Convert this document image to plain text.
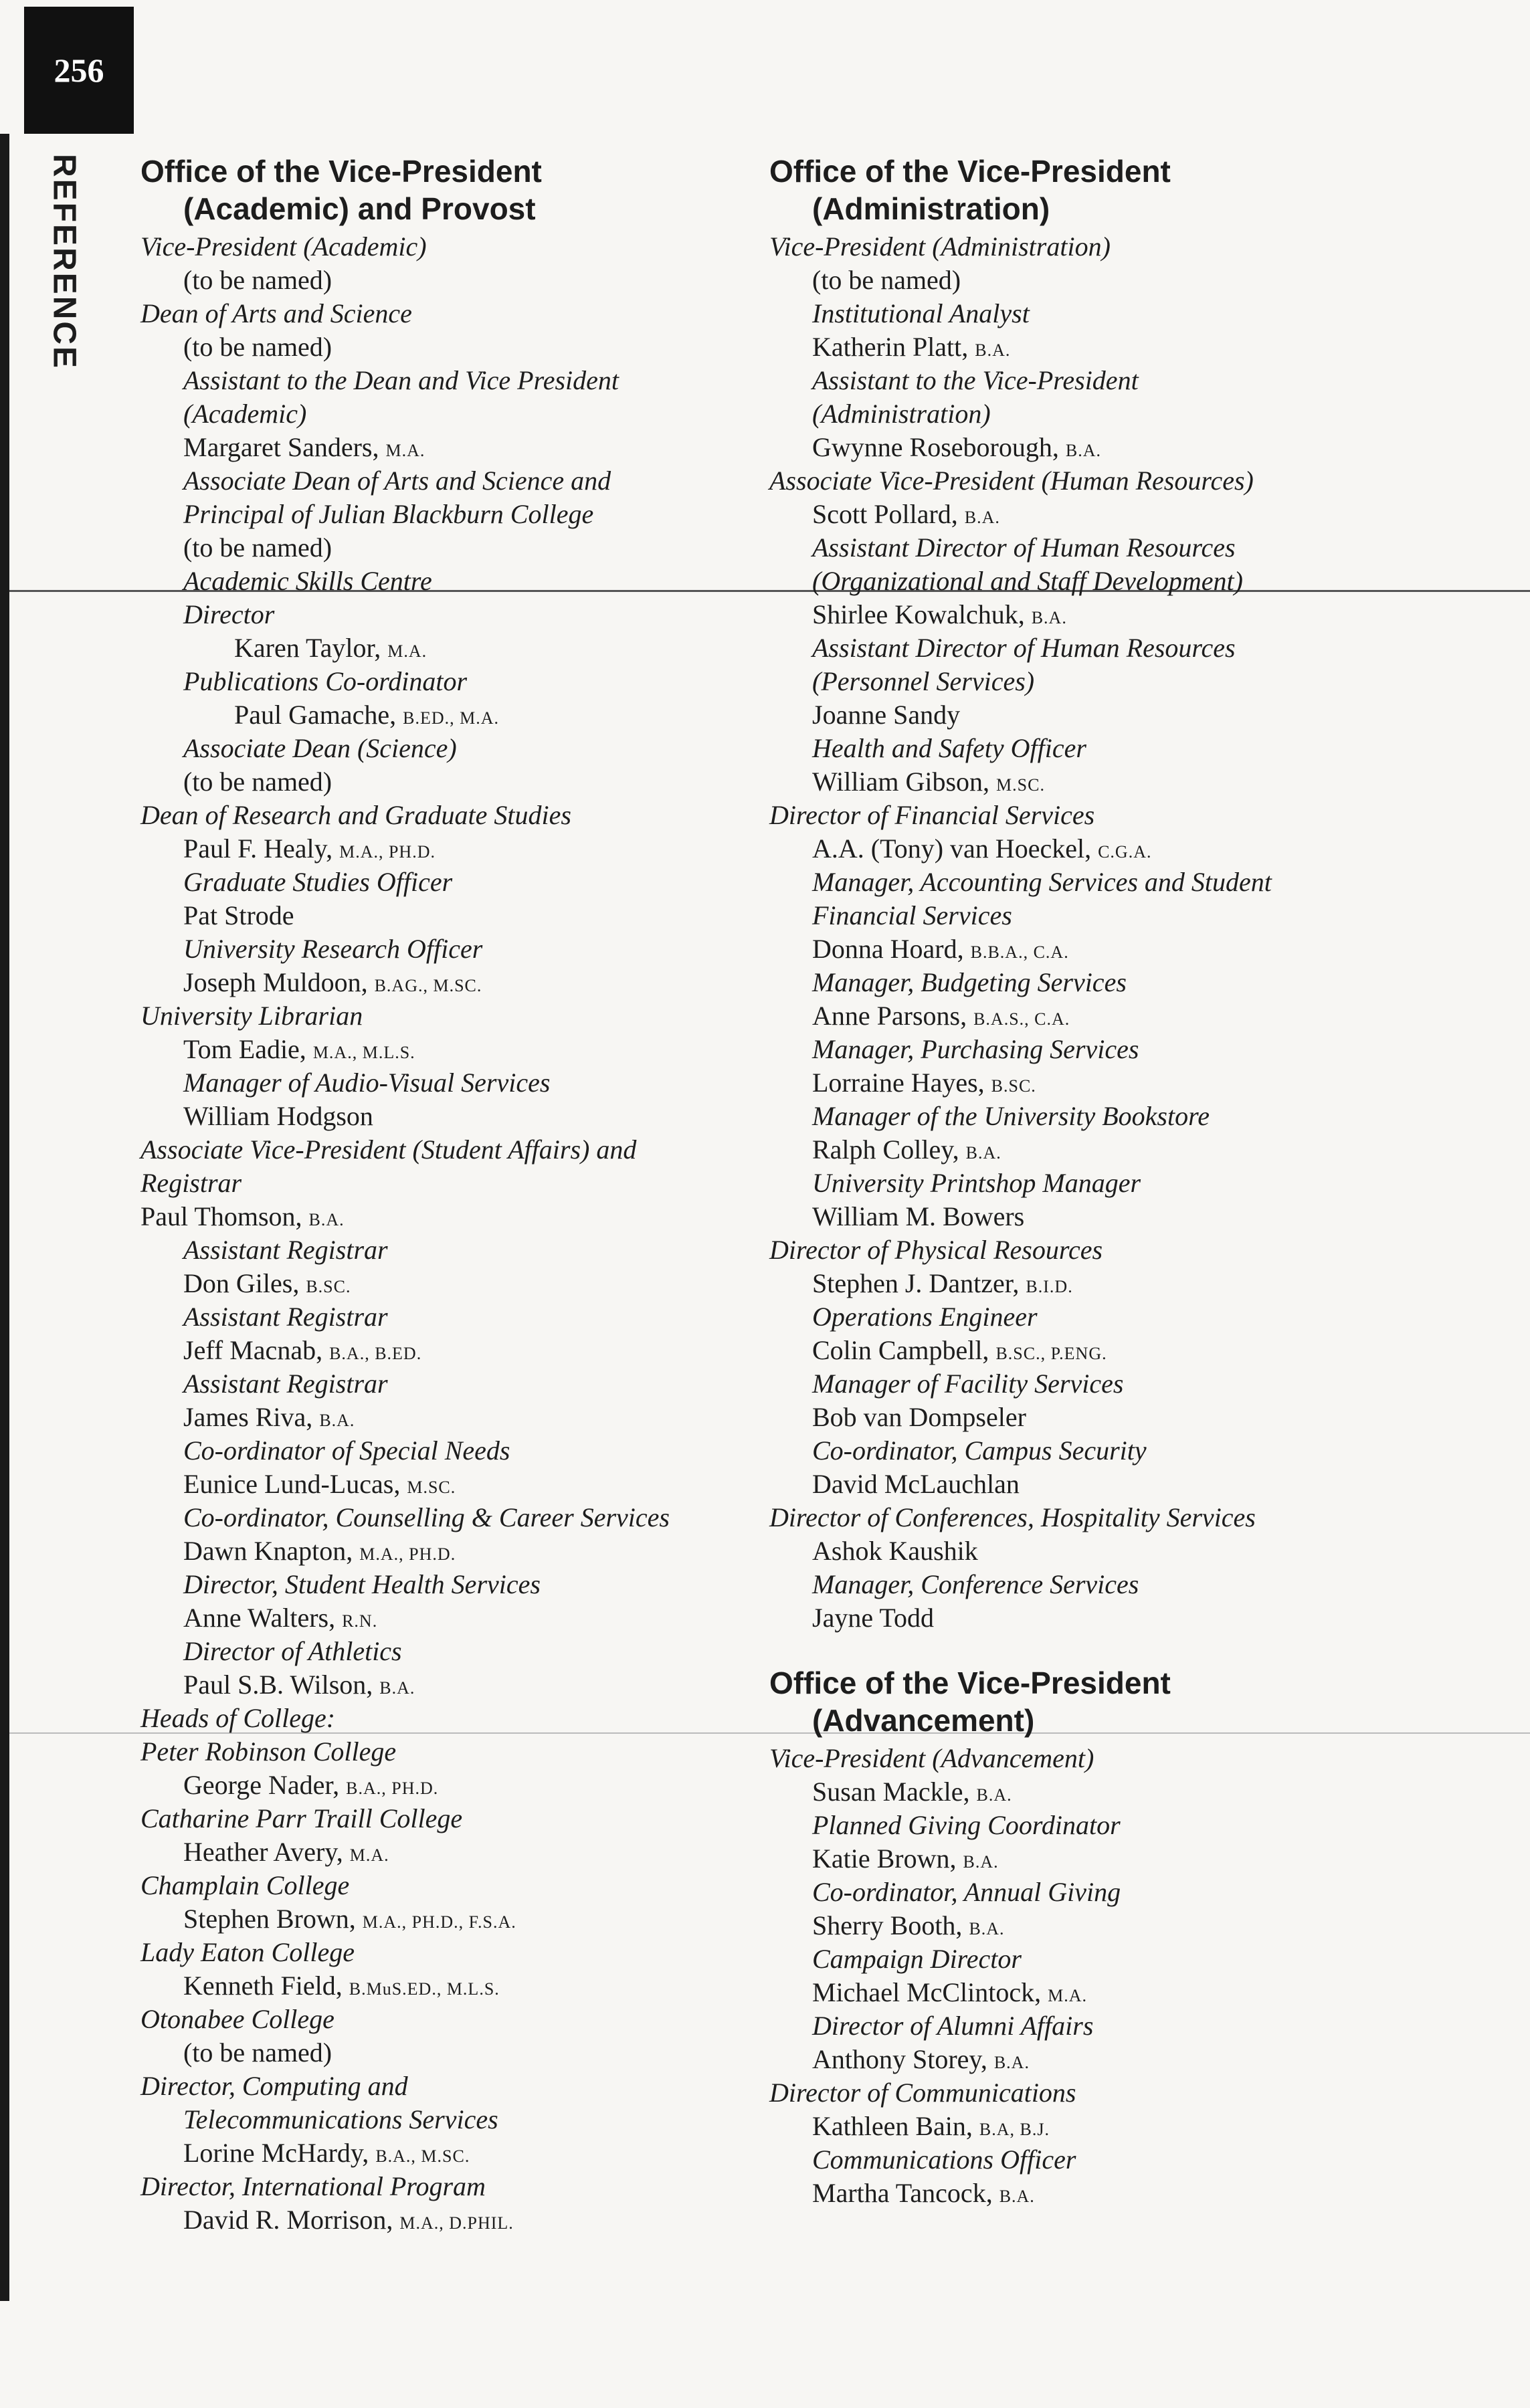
256
REFERENCE Office of the Vice-President
(Academic) and Provost
Vice-President (Academic)
(to be named)
Dean of Arts and Science
(to be named)
Assistant to the Dean and Vice President
(Academic)
Margaret Sanders, M.A.
Associate Dean of Arts and Science and
Principal of Julian Blackburn College
(to be named)
Academic Skills Centre
Director
Karen Taylor, M.A.
Publications Co-ordinator
Paul Gamache, B.ED., M.A.
Associate Dean (Science)
(to be named)
Dean of Research and Graduate Studies
Paul F. Healy, M.A., PH.D.
Graduate Studies Officer
Pat Strode
University Research Officer
Joseph Muldoon, B.AG., M.SC.
University Librarian
Tom Eadie, M.A., M.L.S.
Manager of Audio-Visual Services
William Hodgson
Associate Vice-President (Student Affairs) and
Registrar
Paul Thomson, B.A.
Assistant Registrar
Don Giles, B.SC.
Assistant Registrar
Jeff Macnab, B.A., B.ED.
Assistant Registrar
James Riva, B.A.
Co-ordinator of Special Needs
Eunice Lund-Lucas, M.SC.
Co-ordinator, Counselling & Career Services
Dawn Knapton, M.A., PH.D.
Director, Student Health Services
Anne Walters, R.N.
Director of Athletics
Paul S.B. Wilson, B.A.
Heads of College:
Peter Robinson College
George Nader, B.A., PH.D.
Catharine Parr Traill College
Heather Avery, M.A.
Champlain College
Stephen Brown, M.A., PH.D., F.S.A.
Lady Eaton College
Kenneth Field, B.MuS.ED., M.L.S.
Otonabee College
(to be named)
Director, Computing and
Telecommunications Services
Lorine McHardy, B.A., M.SC.
Director, International Program
David R. Morrison, M.A., D.PHIL.
Office of the Vice-President
(Administration)
Vice-President (Administration)
(to be named)
Institutional Analyst
Katherin Platt, B.A.
Assistant to the Vice-President
(Administration)
Gwynne Roseborough, B.A.
Associate Vice-President (Human Resources)
Scott Pollard, B.A.
Assistant Director of Human Resources
(Organizational and Staff Development)
Shirlee Kowalchuk, B.A.
Assistant Director of Human Resources
(Personnel Services)
Joanne Sandy
Health and Safety Officer
William Gibson, M.SC.
Director of Financial Services
A.A. (Tony) van Hoeckel, C.G.A.
Manager, Accounting Services and Student
Financial Services
Donna Hoard, B.B.A., C.A.
Manager, Budgeting Services
Anne Parsons, B.A.S., C.A.
Manager, Purchasing Services
Lorraine Hayes, B.SC.
Manager of the University Bookstore
Ralph Colley, B.A.
University Printshop Manager
William M. Bowers
Director of Physical Resources
Stephen J. Dantzer, B.I.D.
Operations Engineer
Colin Campbell, B.SC., P.ENG.
Manager of Facility Services
Bob van Dompseler
Co-ordinator, Campus Security
David McLauchlan
Director of Conferences, Hospitality Services
Ashok Kaushik
Manager, Conference Services
Jayne Todd
Office of the Vice-President
(Advancement)
Vice-President (Advancement)
Susan Mackle, B.A.
Planned Giving Coordinator
Katie Brown, B.A.
Co-ordinator, Annual Giving
Sherry Booth, B.A.
Campaign Director
Michael McClintock, M.A.
Director of Alumni Affairs
Anthony Storey, B.A.
Director of Communications
Kathleen Bain, B.A, B.J.
Communications Officer
Martha Tancock, B.A.
